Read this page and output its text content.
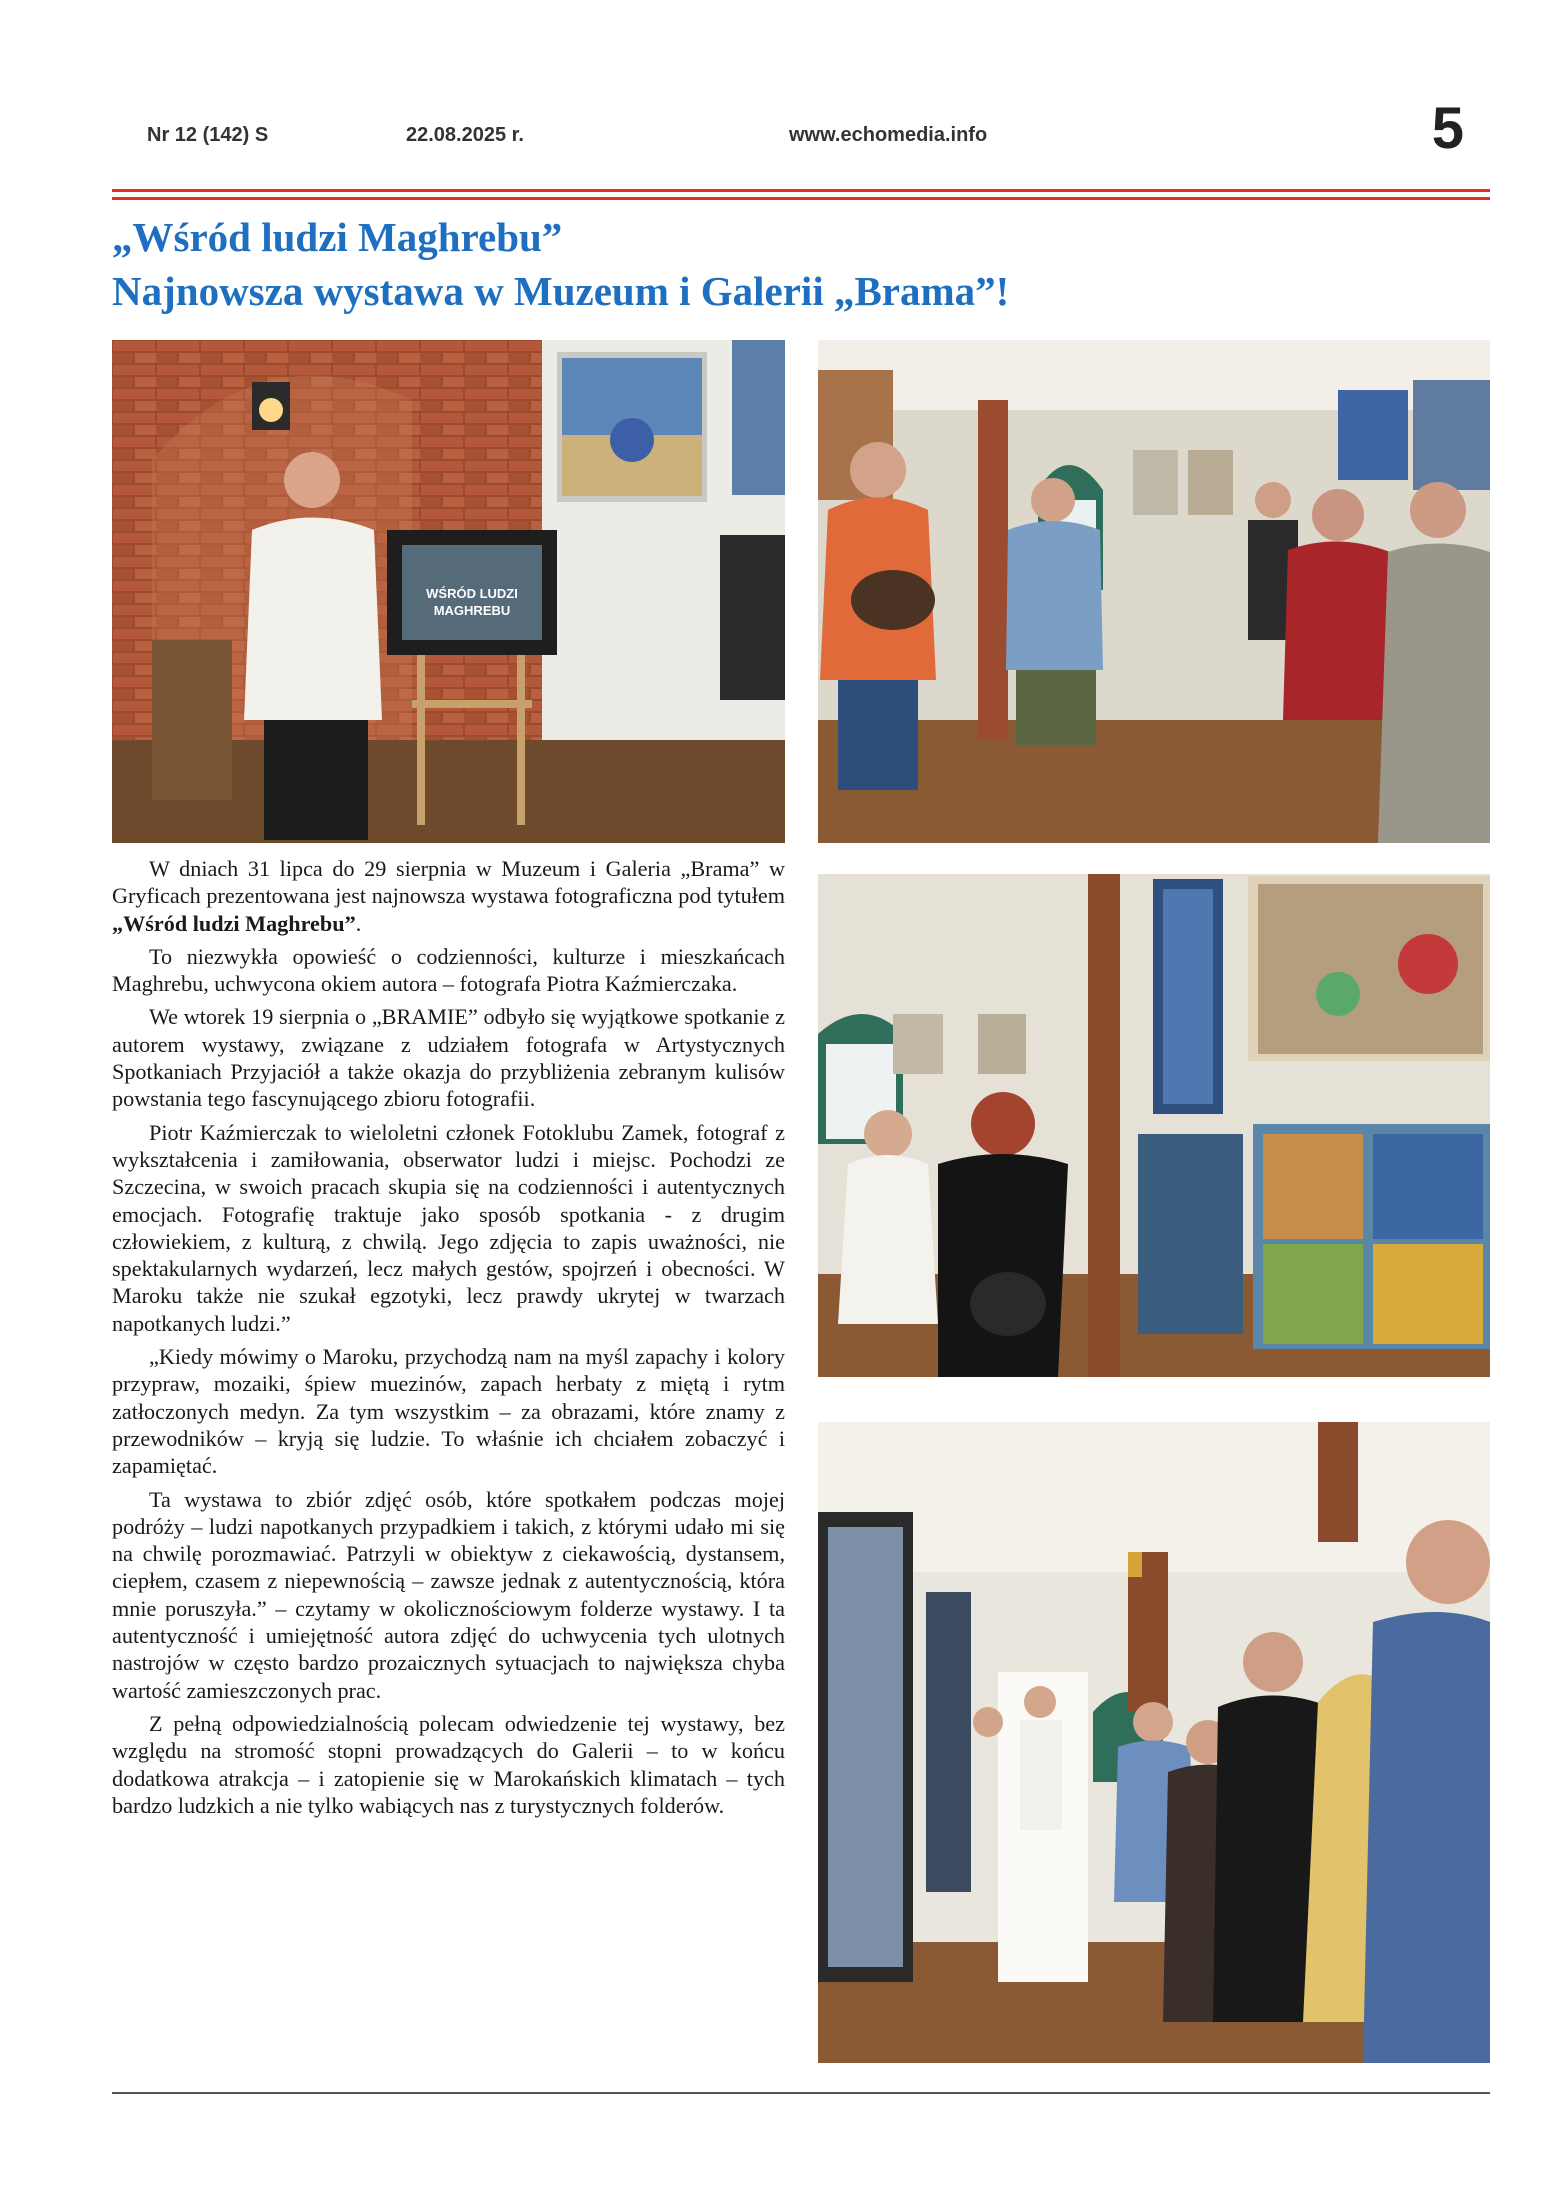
Nr 12 (142) S	22.08.2025 r.	www.echomedia.info	5
„Wśród ludzi Maghrebu”
Najnowsza wystawa w Muzeum i Galerii „Brama”!
WŚRÓD LUDZI
MAGHREBU

W dniach 31 lipca do 29 sierpnia w Muzeum i Galeria „Brama” w Gryficach prezentowana jest najnowsza wystawa fotograficzna pod tytułem „Wśród ludzi Maghrebu”.

To niezwykła opowieść o codzienności, kulturze i mieszkańcach Maghrebu, uchwycona okiem autora – fotografa Piotra Kaźmierczaka.

We wtorek 19 sierpnia o „BRAMIE” odbyło się wyjątkowe spotkanie z autorem wystawy, związane z udziałem fotografa w Artystycznych Spotkaniach Przyjaciół a także okazja do przybliżenia zebranym kulisów powstania tego fascynującego zbioru fotografii.

Piotr Kaźmierczak to wieloletni członek Fotoklubu Zamek, fotograf z wykształcenia i zamiłowania, obserwator ludzi i miejsc. Pochodzi ze Szczecina, w swoich pracach skupia się na codzienności i autentycznych emocjach. Fotografię traktuje jako sposób spotkania - z drugim człowiekiem, z kulturą, z chwilą. Jego zdjęcia to zapis uważności, nie spektakularnych wydarzeń, lecz małych gestów, spojrzeń i obecności. W Maroku także nie szukał egzotyki, lecz prawdy ukrytej w twarzach napotkanych ludzi.”

„Kiedy mówimy o Maroku, przychodzą nam na myśl zapachy i kolory przypraw, mozaiki, śpiew muezinów, zapach herbaty z miętą i rytm zatłoczonych medyn. Za tym wszystkim – za obrazami, które znamy z przewodników – kryją się ludzie. To właśnie ich chciałem zobaczyć i zapamiętać.

Ta wystawa to zbiór zdjęć osób, które spotkałem podczas mojej podróży – ludzi napotkanych przypadkiem i takich, z którymi udało mi się na chwilę porozmawiać. Patrzyli w obiektyw z ciekawością, dystansem, ciepłem, czasem z niepewnością – zawsze jednak z autentycznością, która mnie poruszyła.” – czytamy w okolicznościowym folderze wystawy. I ta autentyczność i umiejętność autora zdjęć do uchwycenia tych ulotnych nastrojów w często bardzo prozaicznych sytuacjach to największa chyba wartość zamieszczonych prac.

Z pełną odpowiedzialnością polecam odwiedzenie tej wystawy, bez względu na stromość stopni prowadzących do Galerii – to w końcu dodatkowa atrakcja – i zatopienie się w Marokańskich klimatach – tych bardzo ludzkich a nie tylko wabiących nas z turystycznych folderów.
